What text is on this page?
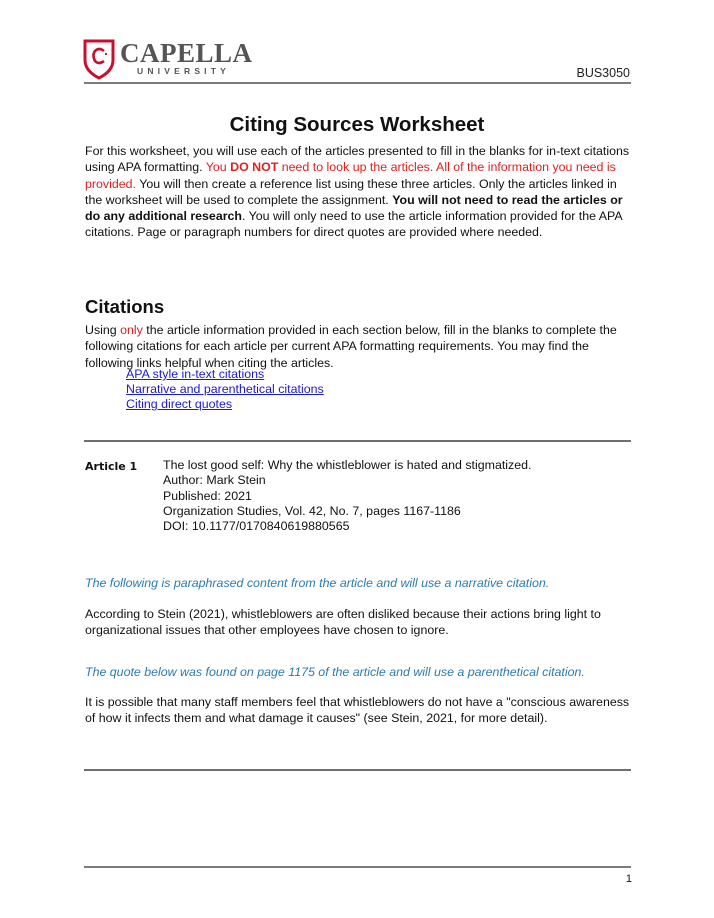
CAPELLA
UNIVERSITY	BUS3050
Citing Sources Worksheet
For this worksheet, you will use each of the articles presented to fill in the blanks for in-text citations using APA formatting. You DO NOT need to look up the articles. All of the information you need is provided. You will then create a reference list using these three articles. Only the articles linked in the worksheet will be used to complete the assignment. You will not need to read the articles or do any additional research. You will only need to use the article information provided for the APA citations. Page or paragraph numbers for direct quotes are provided where needed.
Citations
Using only the article information provided in each section below, fill in the blanks to complete the following citations for each article per current APA formatting requirements. You may find the following links helpful when citing the articles.
APA style in-text citations
Narrative and parenthetical citations
Citing direct quotes
Article 1 The lost good self: Why the whistleblower is hated and stigmatized.
Author: Mark Stein
Published: 2021
Organization Studies, Vol. 42, No. 7, pages 1167-1186
DOI: 10.1177/0170840619880565
The following is paraphrased content from the article and will use a narrative citation.
According to Stein (2021), whistleblowers are often disliked because their actions bring light to organizational issues that other employees have chosen to ignore.
The quote below was found on page 1175 of the article and will use a parenthetical citation.
It is possible that many staff members feel that whistleblowers do not have a "conscious awareness of how it infects them and what damage it causes" (see Stein, 2021, for more detail).
1
